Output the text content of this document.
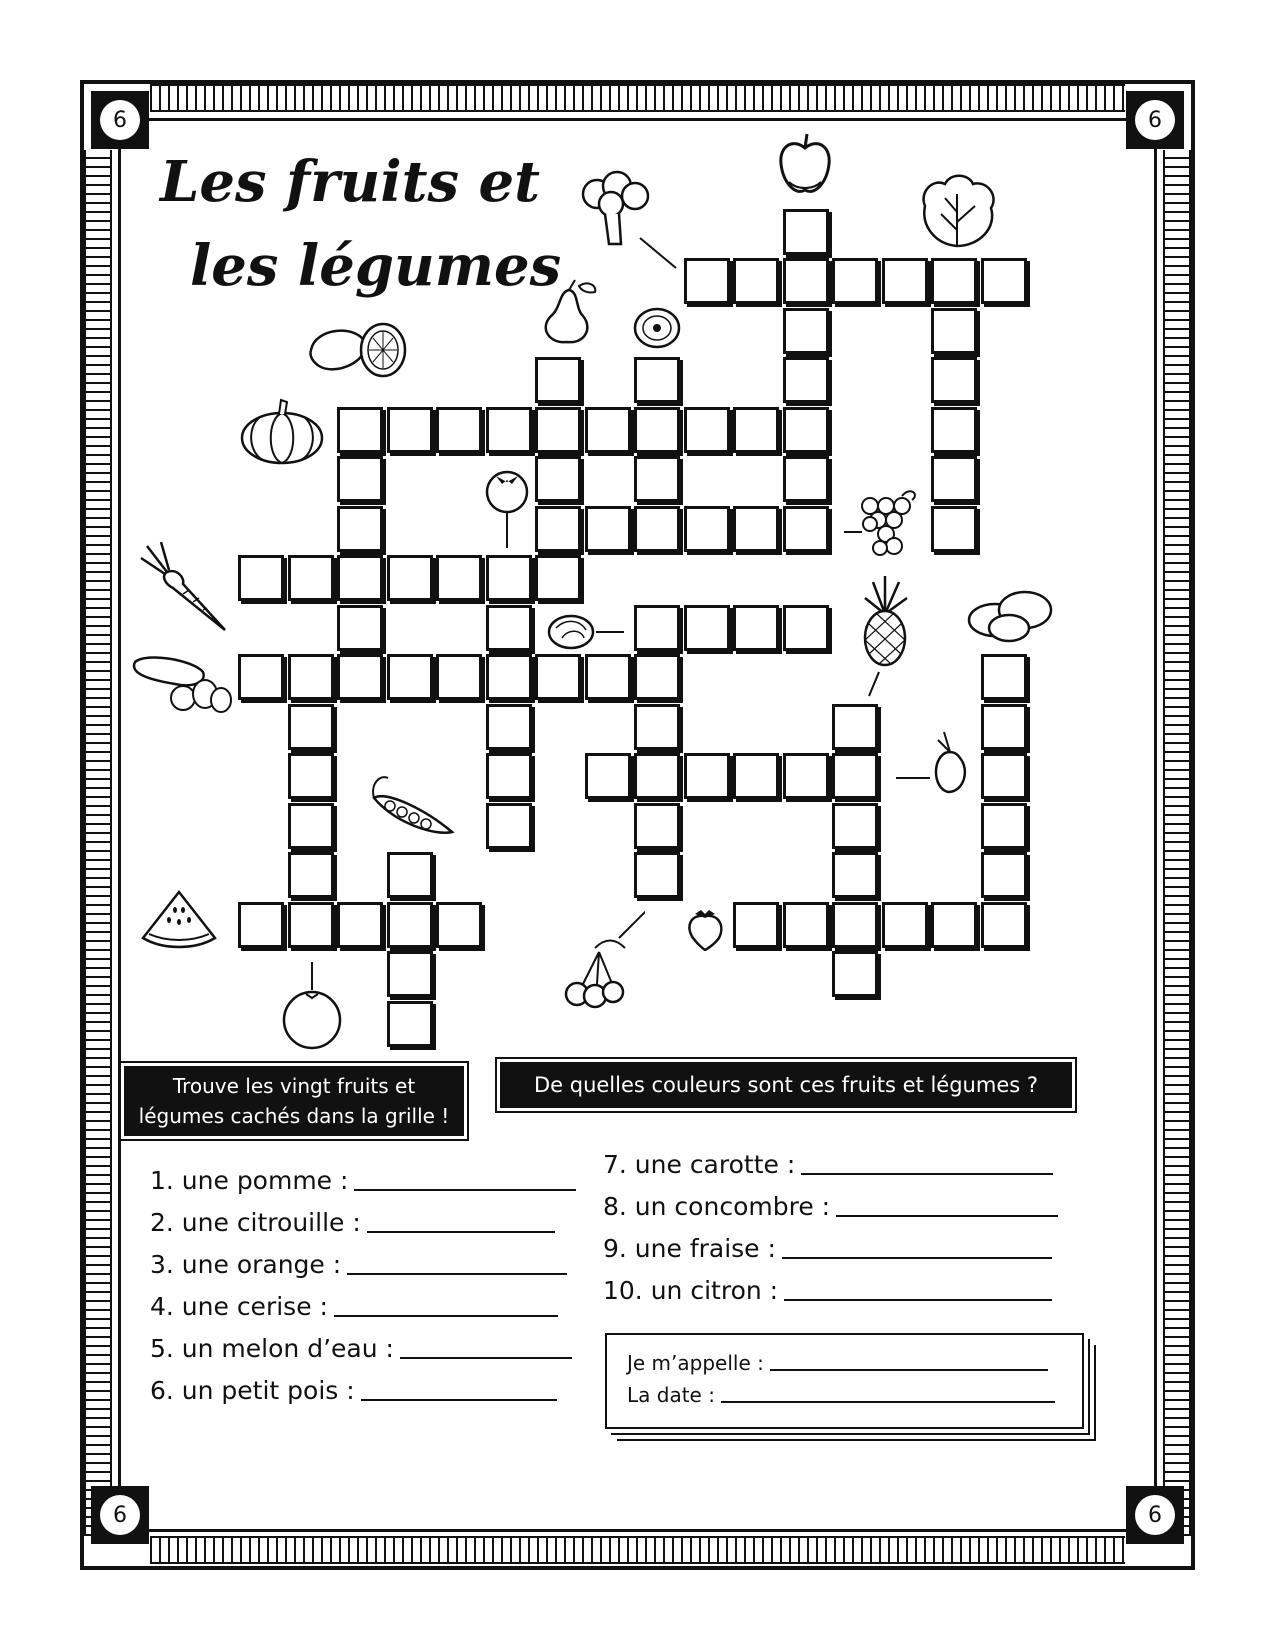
6	6
6	6
Les fruits et
les légumes
Trouve les vingt fruits et
légumes cachés dans la grille !
De quelles couleurs sont ces fruits et légumes ?
1. une pomme :
2. une citrouille :
3. une orange :
4. une cerise :
5. un melon d’eau :
6. un petit pois :
7. une carotte :
8. un concombre :
9. une fraise :
10. un citron :
Je m’appelle :
La date :
